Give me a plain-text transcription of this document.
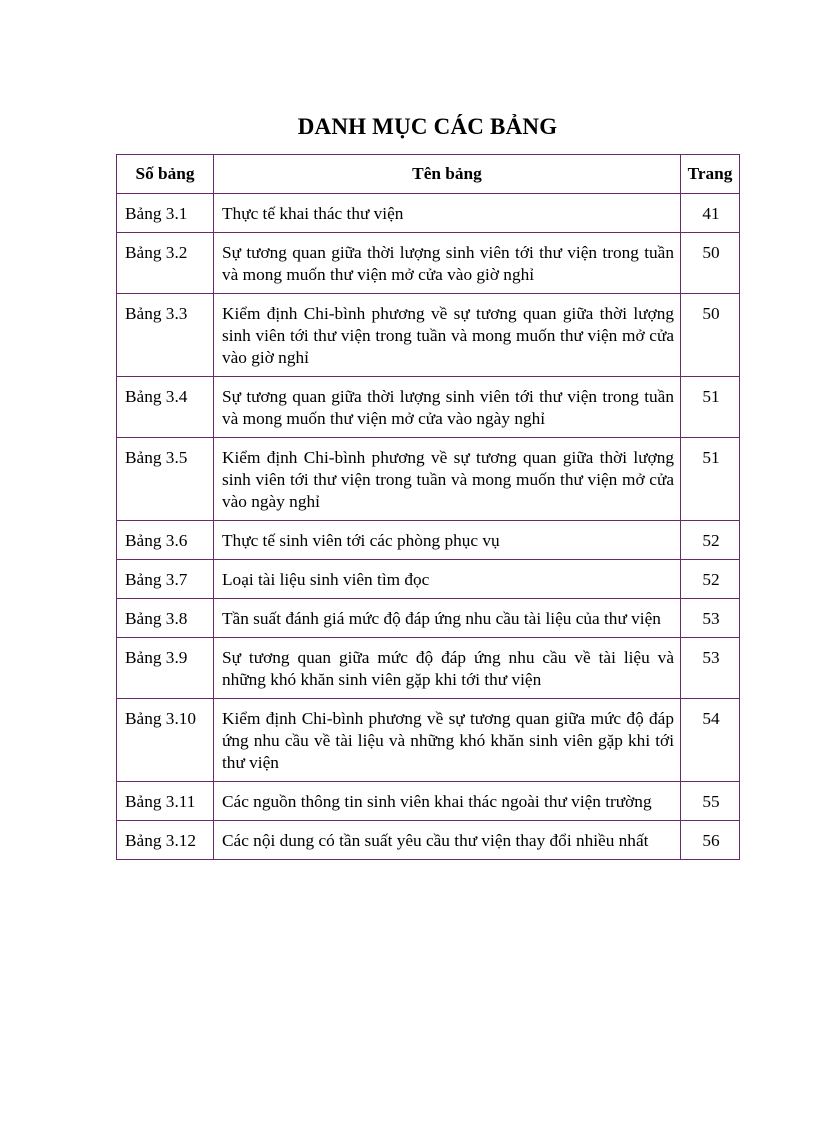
DANH MỤC CÁC BẢNG
Số bảng	Tên bảng	Trang
Bảng 3.1	Thực tế khai thác thư viện	41
Bảng 3.2	Sự tương quan giữa thời lượng sinh viên tới thư viện trong tuần và mong muốn thư viện mở cửa vào giờ nghỉ	50
Bảng 3.3	Kiểm định Chi-bình phương về sự tương quan giữa thời lượng sinh viên tới thư viện trong tuần và mong muốn thư viện mở cửa vào giờ nghỉ	50
Bảng 3.4	Sự tương quan giữa thời lượng sinh viên tới thư viện trong tuần và mong muốn thư viện mở cửa vào ngày nghỉ	51
Bảng 3.5	Kiểm định Chi-bình phương về sự tương quan giữa thời lượng sinh viên tới thư viện trong tuần và mong muốn thư viện mở cửa vào ngày nghỉ	51
Bảng 3.6	Thực tế sinh viên tới các phòng phục vụ	52
Bảng 3.7	Loại tài liệu sinh viên tìm đọc	52
Bảng 3.8	Tần suất đánh giá mức độ đáp ứng nhu cầu tài liệu của thư viện	53
Bảng 3.9	Sự tương quan giữa mức độ đáp ứng nhu cầu về tài liệu và những khó khăn sinh viên gặp khi tới thư viện	53
Bảng 3.10	Kiểm định Chi-bình phương về sự tương quan giữa mức độ đáp ứng nhu cầu về tài liệu và những khó khăn sinh viên gặp khi tới thư viện	54
Bảng 3.11	Các nguồn thông tin sinh viên khai thác ngoài thư viện trường	55
Bảng 3.12	Các nội dung có tần suất yêu cầu thư viện thay đổi nhiều nhất	56
